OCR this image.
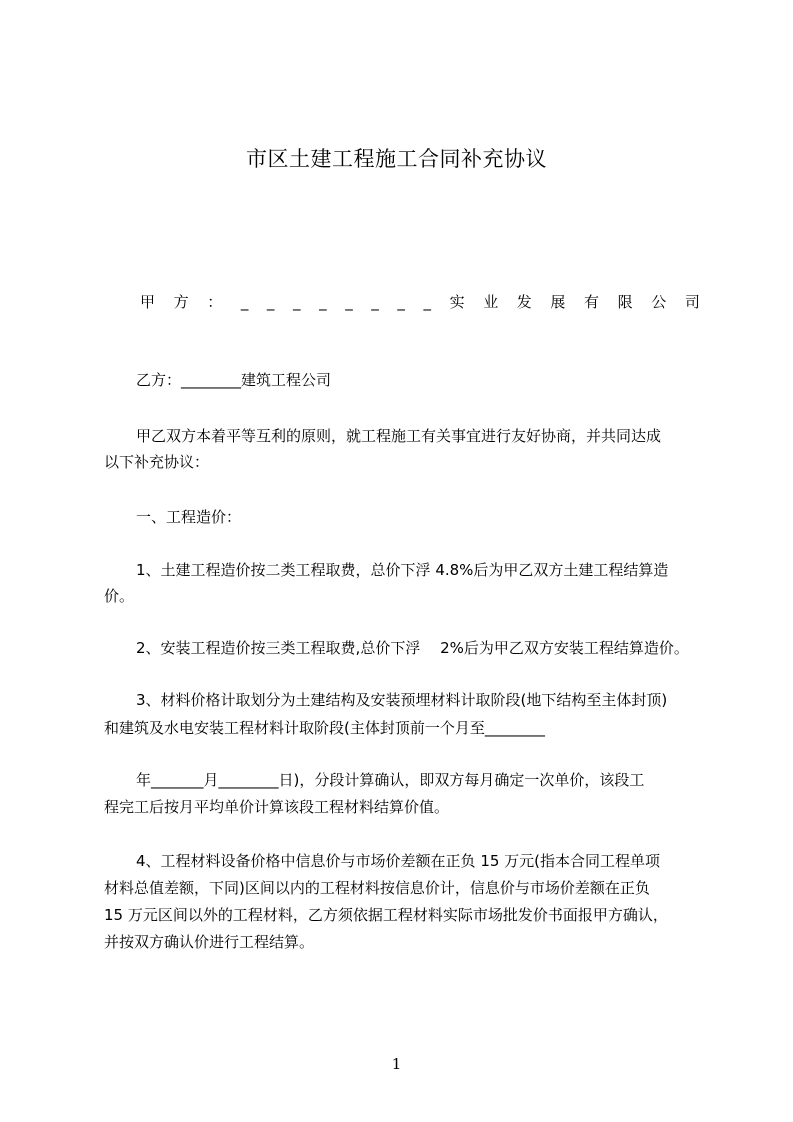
市区土建工程施工合同补充协议
甲 方 ： _ _ _ _ _ _ _ _ 实 业 发 展 有 限 公 司
乙方：________建筑工程公司
甲乙双方本着平等互利的原则，就工程施工有关事宜进行友好协商，并共同达成
以下补充协议：
一、工程造价：
1、土建工程造价按二类工程取费，总价下浮 4.8%后为甲乙双方土建工程结算造
价。
2、安装工程造价按三类工程取费,总价下浮　 2%后为甲乙双方安装工程结算造价。
3、材料价格计取划分为土建结构及安装预埋材料计取阶段(地下结构至主体封顶)
和建筑及水电安装工程材料计取阶段(主体封顶前一个月至________
年_______月________日)，分段计算确认，即双方每月确定一次单价，该段工
程完工后按月平均单价计算该段工程材料结算价值。
4、工程材料设备价格中信息价与市场价差额在正负 15 万元(指本合同工程单项
材料总值差额，下同)区间以内的工程材料按信息价计，信息价与市场价差额在正负
15 万元区间以外的工程材料，乙方须依据工程材料实际市场批发价书面报甲方确认，
并按双方确认价进行工程结算。
1
